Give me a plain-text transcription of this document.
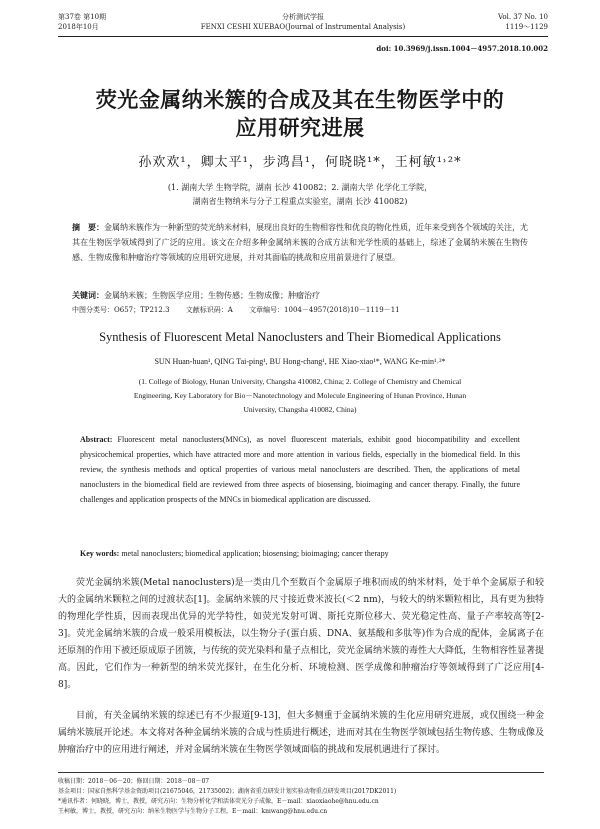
第37卷 第10期
2018年10月
分析测试学报
FENXI CESHI XUEBAO(Journal of Instrumental Analysis)
Vol. 37 No. 10
1119～1129
doi: 10.3969/j.issn.1004－4957.2018.10.002
荧光金属纳米簇的合成及其在生物医学中的
应用研究进展
孙欢欢¹，卿太平¹，步鸿昌¹，何晓晓¹*，王柯敏¹˒²*
(1. 湖南大学 生物学院，湖南 长沙 410082；2. 湖南大学 化学化工学院，
湖南省生物纳米与分子工程重点实验室，湖南 长沙 410082)
摘　要：金属纳米簇作为一种新型的荧光纳米材料，展现出良好的生物相容性和优良的物化性质，近年来受到各个领域的关注，尤其在生物医学领域得到了广泛的应用。该文在介绍多种金属纳米簇的合成方法和光学性质的基础上，综述了金属纳米簇在生物传感、生物成像和肿瘤治疗等领域的应用研究进展，并对其面临的挑战和应用前景进行了展望。
关键词：金属纳米簇；生物医学应用；生物传感；生物成像；肿瘤治疗
中图分类号：O657；TP212.3 文献标识码：A 文章编号：1004－4957(2018)10－1119－11
Synthesis of Fluorescent Metal Nanoclusters and Their Biomedical Applications
SUN Huan-huan¹, QING Tai-ping¹, BU Hong-chang¹, HE Xiao-xiao¹*, WANG Ke-min¹˒²*
(1. College of Biology, Hunan University, Changsha 410082, China; 2. College of Chemistry and Chemical
Engineering, Key Laboratory for Bio－Nanotechnology and Molecule Engineering of Hunan Province, Hunan
University, Changsha 410082, China)
Abstract: Fluorescent metal nanoclusters(MNCs), as novel fluorescent materials, exhibit good biocompatibility and excellent physicochemical properties, which have attracted more and more attention in various fields, especially in the biomedical field. In this review, the synthesis methods and optical properties of various metal nanoclusters are described. Then, the applications of metal nanoclusters in the biomedical field are reviewed from three aspects of biosensing, bioimaging and cancer therapy. Finally, the future challenges and application prospects of the MNCs in biomedical application are discussed.
Key words: metal nanoclusters; biomedical application; biosensing; bioimaging; cancer therapy

荧光金属纳米簇(Metal nanoclusters)是一类由几个至数百个金属原子堆积而成的纳米材料，处于单个金属原子和较大的金属纳米颗粒之间的过渡状态[1]。金属纳米簇的尺寸接近费米波长(＜2 nm)，与较大的纳米颗粒相比，具有更为独特的物理化学性质，因而表现出优异的光学特性，如荧光发射可调、斯托克斯位移大、荧光稳定性高、量子产率较高等[2-3]。荧光金属纳米簇的合成一般采用模板法，以生物分子(蛋白质、DNA、氨基酸和多肽等)作为合成的配体，金属离子在还原剂的作用下被还原成原子团簇，与传统的荧光染料和量子点相比，荧光金属纳米簇的毒性大大降低，生物相容性显著提高。因此，它们作为一种新型的纳米荧光探针，在生化分析、环境检测、医学成像和肿瘤治疗等领域得到了广泛应用[4-8]。

目前，有关金属纳米簇的综述已有不少报道[9-13]，但大多侧重于金属纳米簇的生化应用研究进展，或仅围绕一种金属纳米簇展开论述。本文将对各种金属纳米簇的合成与性质进行概述，进而对其在生物医学领域包括生物传感、生物成像及肿瘤治疗中的应用进行阐述，并对金属纳米簇在生物医学领域面临的挑战和发展机遇进行了探讨。

收稿日期：2018－06－20；修回日期：2018－08－07
基金项目：国家自然科学基金资助项目(21675046，21735002)；湖南省重点研发计划实验动物重点研发项目(2017DK2011)
*通讯作者：何晓晓，博士，教授，研究方向：生物分析化学和活体荧光分子成像，E－mail：xiaoxiaohe@hnu.edu.cn
王柯敏，博士，教授，研究方向：纳米生物医学与生物分子工程，E－mail：kmwang@hnu.edu.cn
